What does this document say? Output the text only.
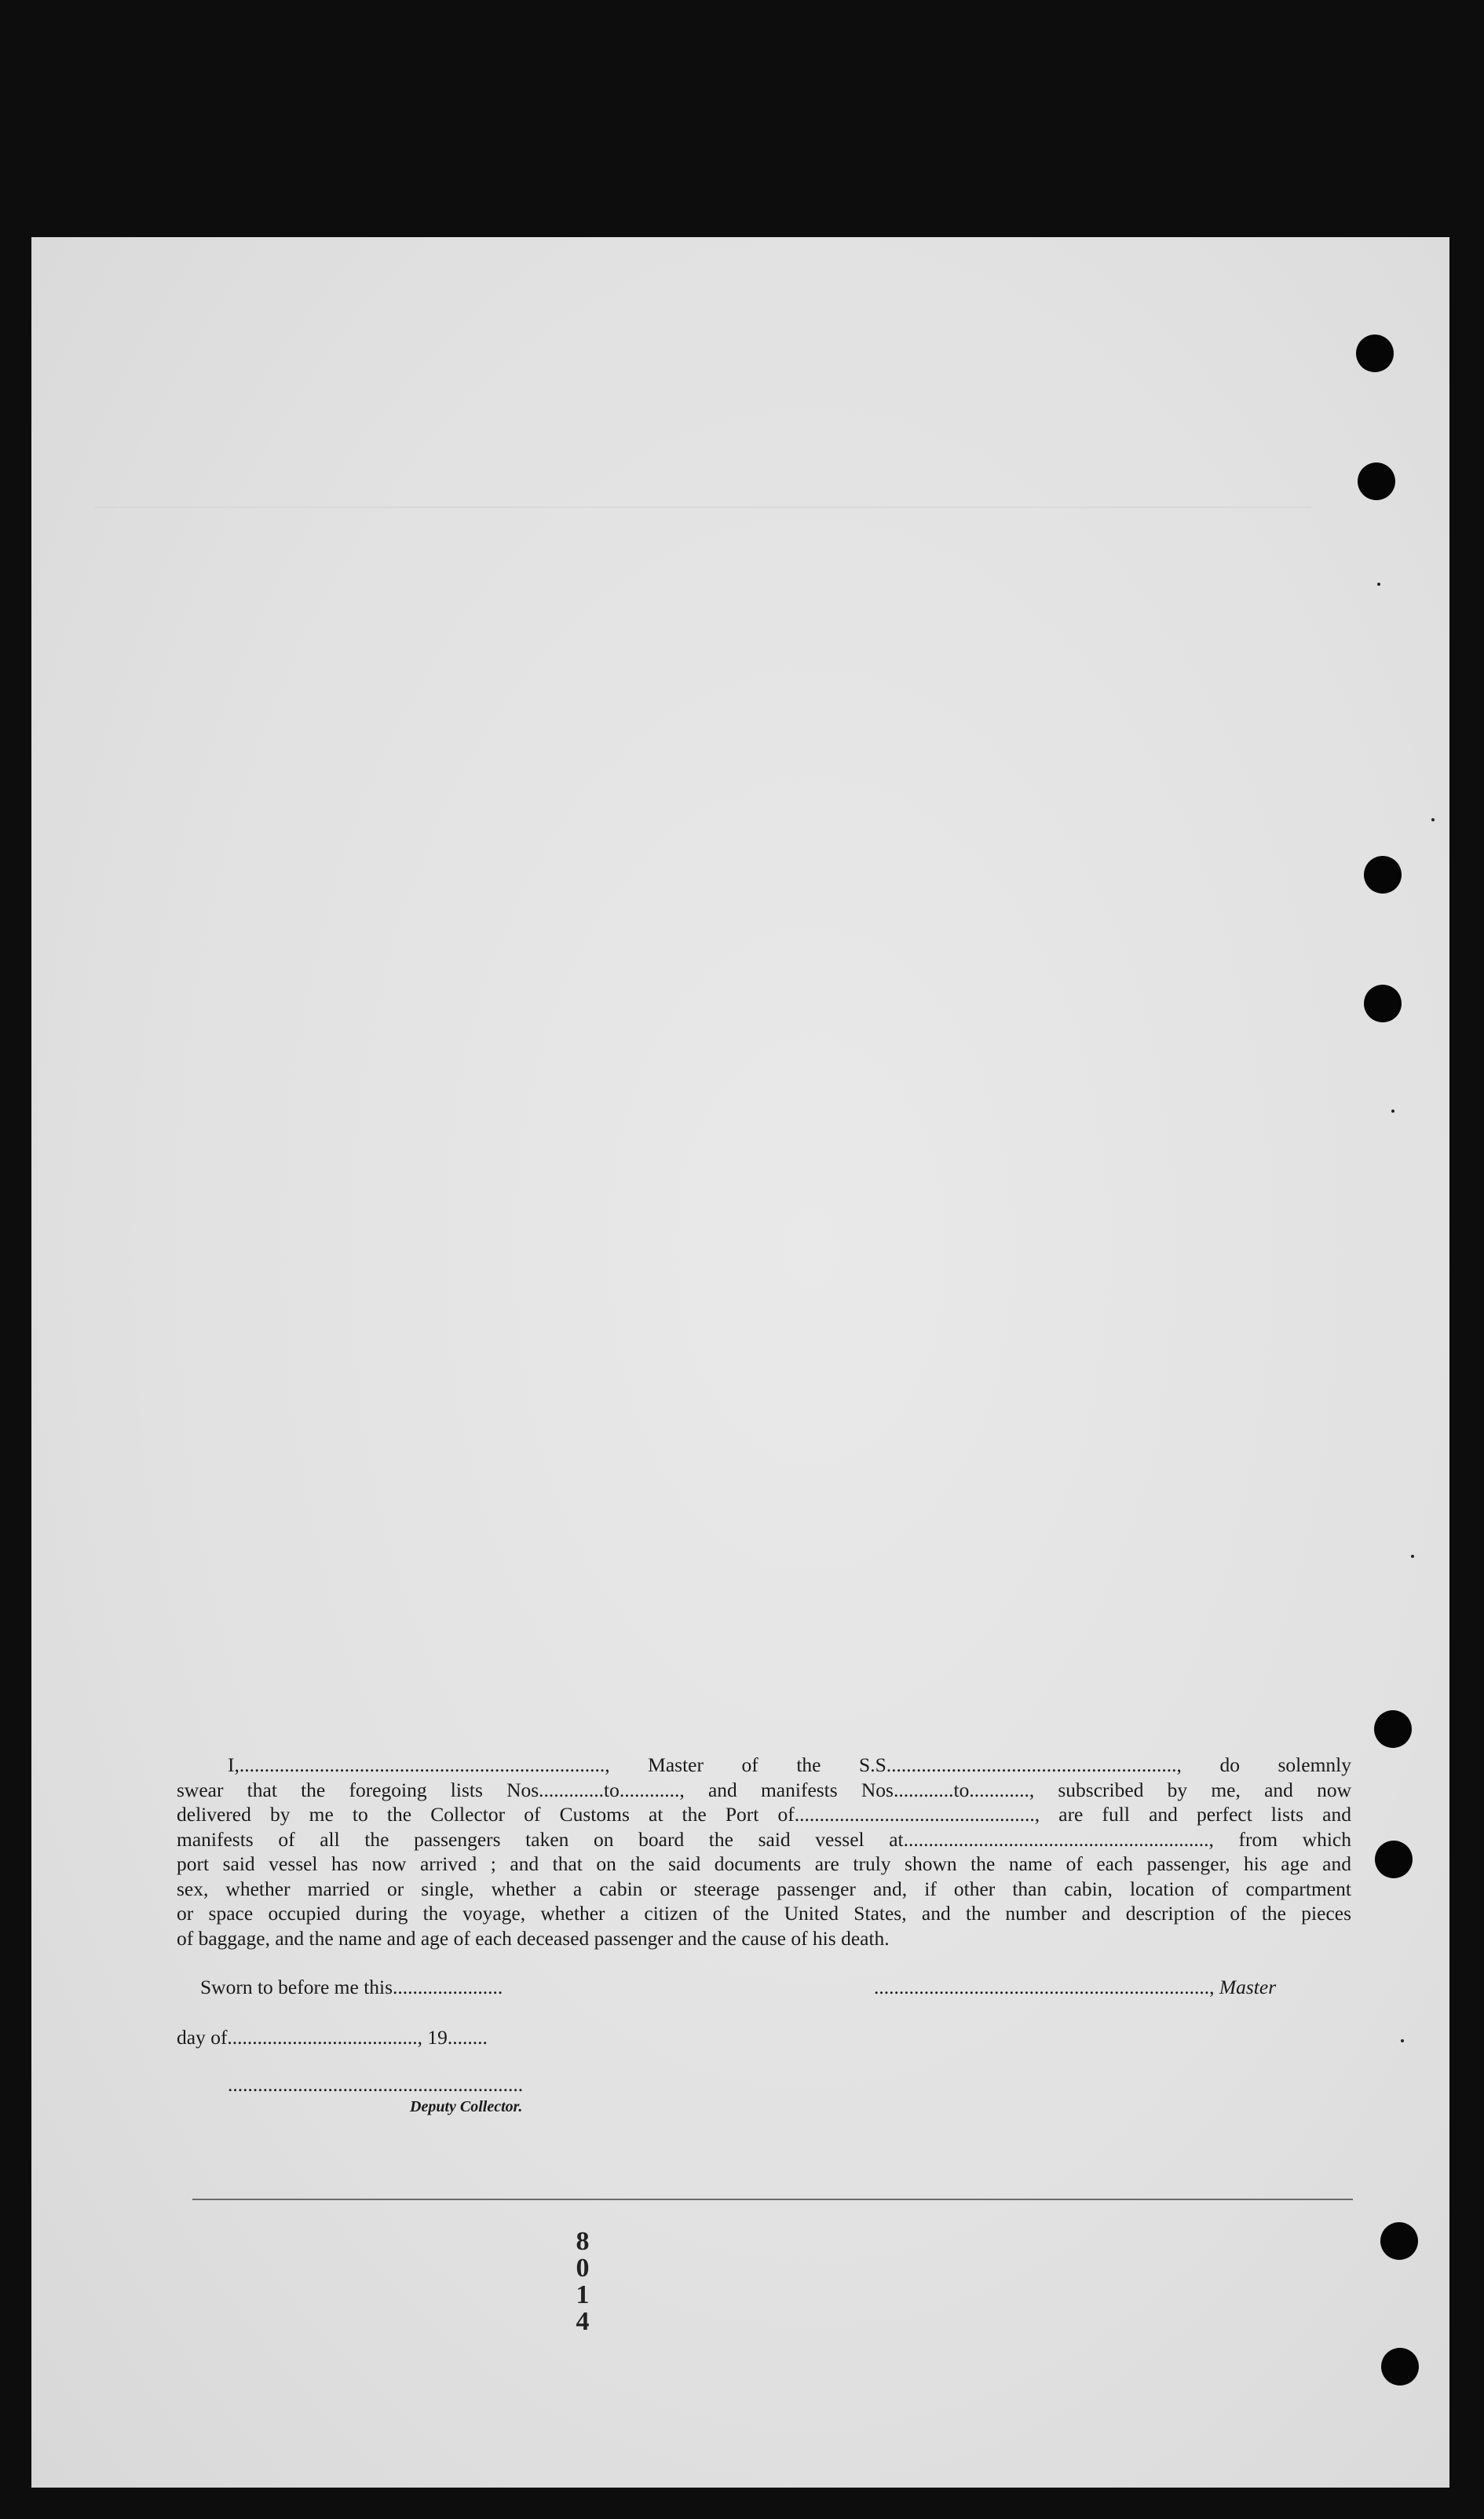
I,........................................................................., Master of the S.S.........................................................., do solemnly
swear that the foregoing lists Nos.............to............, and manifests Nos............to............, subscribed by me, and now
delivered by me to the Collector of Customs at the Port of................................................, are full and perfect lists and
manifests of all the passengers taken on board the said vessel at............................................................., from which
port said vessel has now arrived ; and that on the said documents are truly shown the name of each passenger, his age and
sex, whether married or single, whether a cabin or steerage passenger and, if other than cabin, location of compartment
or space occupied during the voyage, whether a citizen of the United States, and the number and description of the pieces
of baggage, and the name and age of each deceased passenger and the cause of his death.
Sworn to before me this......................	..................................................................., Master
day of......................................, 19........
...........................................................
Deputy Collector.
8
0
1
4
